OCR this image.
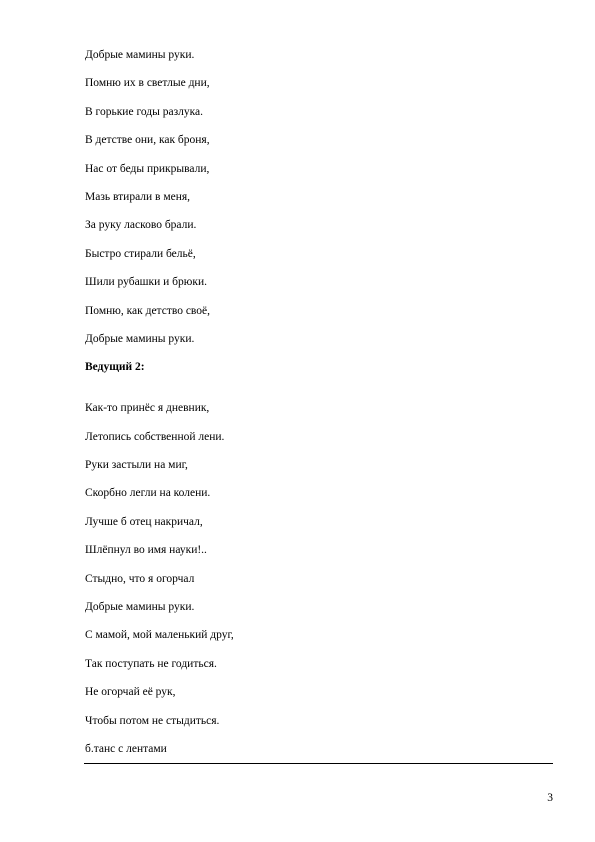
Добрые мамины руки.
Помню их в светлые дни,
В горькие годы разлука.
В детстве они, как броня,
Нас от беды прикрывали,
Мазь втирали в меня,
За руку ласково брали.
Быстро стирали бельё,
Шили рубашки и брюки.
Помню, как детство своё,
Добрые мамины руки.
Ведущий 2:
Как-то принёс я дневник,
Летопись собственной лени.
Руки застыли на миг,
Скорбно легли на колени.
Лучше б отец накричал,
Шлёпнул во имя науки!..
Стыдно, что я огорчал
Добрые мамины руки.
С мамой, мой маленький друг,
Так поступать не годиться.
Не огорчай её рук,
Чтобы потом не стыдиться.
б.танс с лентами
3
